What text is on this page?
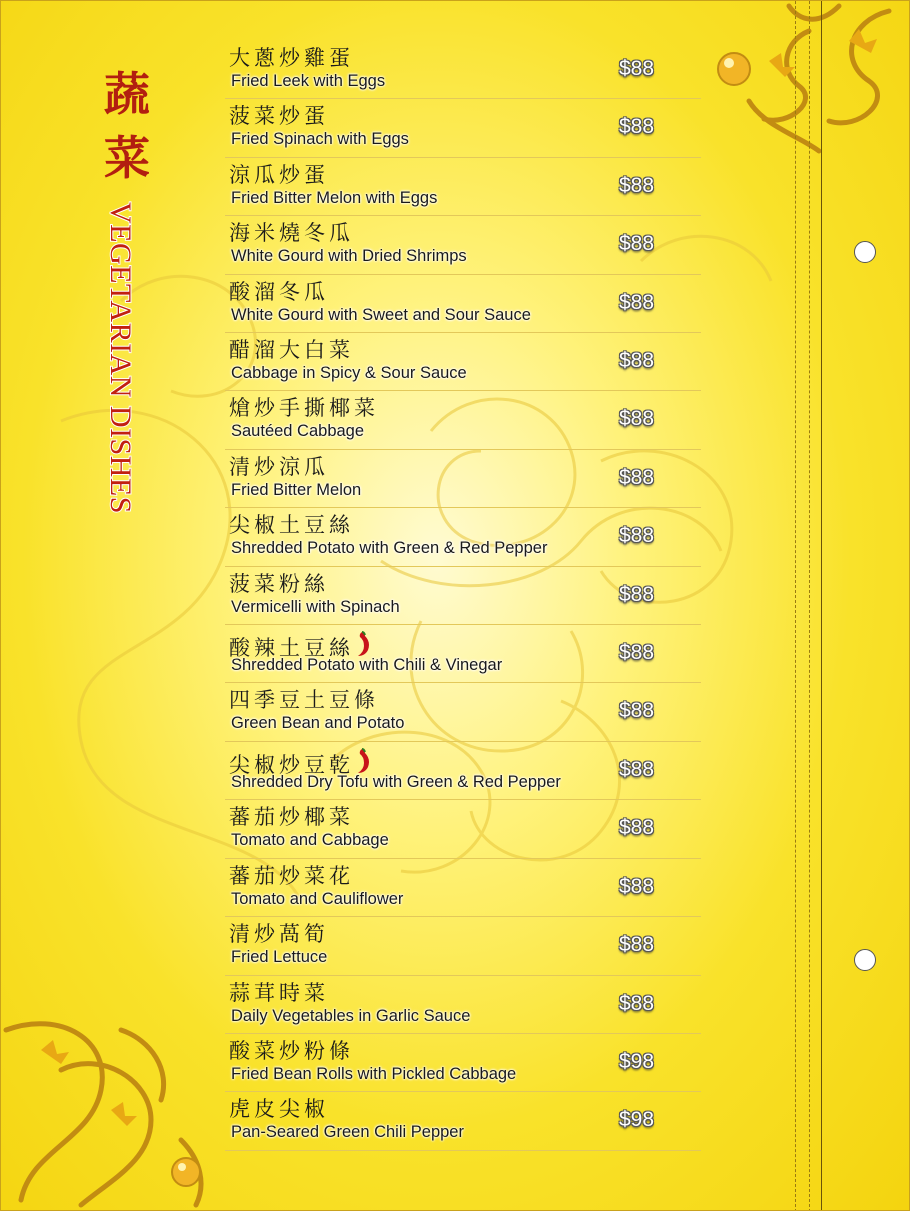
蔬
菜
VEGETARIAN DISHES
大蔥炒雞蛋
Fried Leek with Eggs
$88
菠菜炒蛋
Fried Spinach with Eggs
$88
涼瓜炒蛋
Fried Bitter Melon with Eggs
$88
海米燒冬瓜
White Gourd with Dried Shrimps
$88
酸溜冬瓜
White Gourd with Sweet and Sour Sauce
$88
醋溜大白菜
Cabbage in Spicy & Sour Sauce
$88
熗炒手撕椰菜
Sautéed Cabbage
$88
清炒涼瓜
Fried Bitter Melon
$88
尖椒土豆絲
Shredded Potato with Green & Red Pepper
$88
菠菜粉絲
Vermicelli with Spinach
$88
酸辣土豆絲
Shredded Potato with Chili & Vinegar
$88
四季豆土豆條
Green Bean and Potato
$88
尖椒炒豆乾
Shredded Dry Tofu with Green & Red Pepper
$88
蕃茄炒椰菜
Tomato and Cabbage
$88
蕃茄炒菜花
Tomato and Cauliflower
$88
清炒萵筍
Fried Lettuce
$88
蒜茸時菜
Daily Vegetables in Garlic Sauce
$88
酸菜炒粉條
Fried Bean Rolls with Pickled Cabbage
$98
虎皮尖椒
Pan-Seared Green Chili Pepper
$98
